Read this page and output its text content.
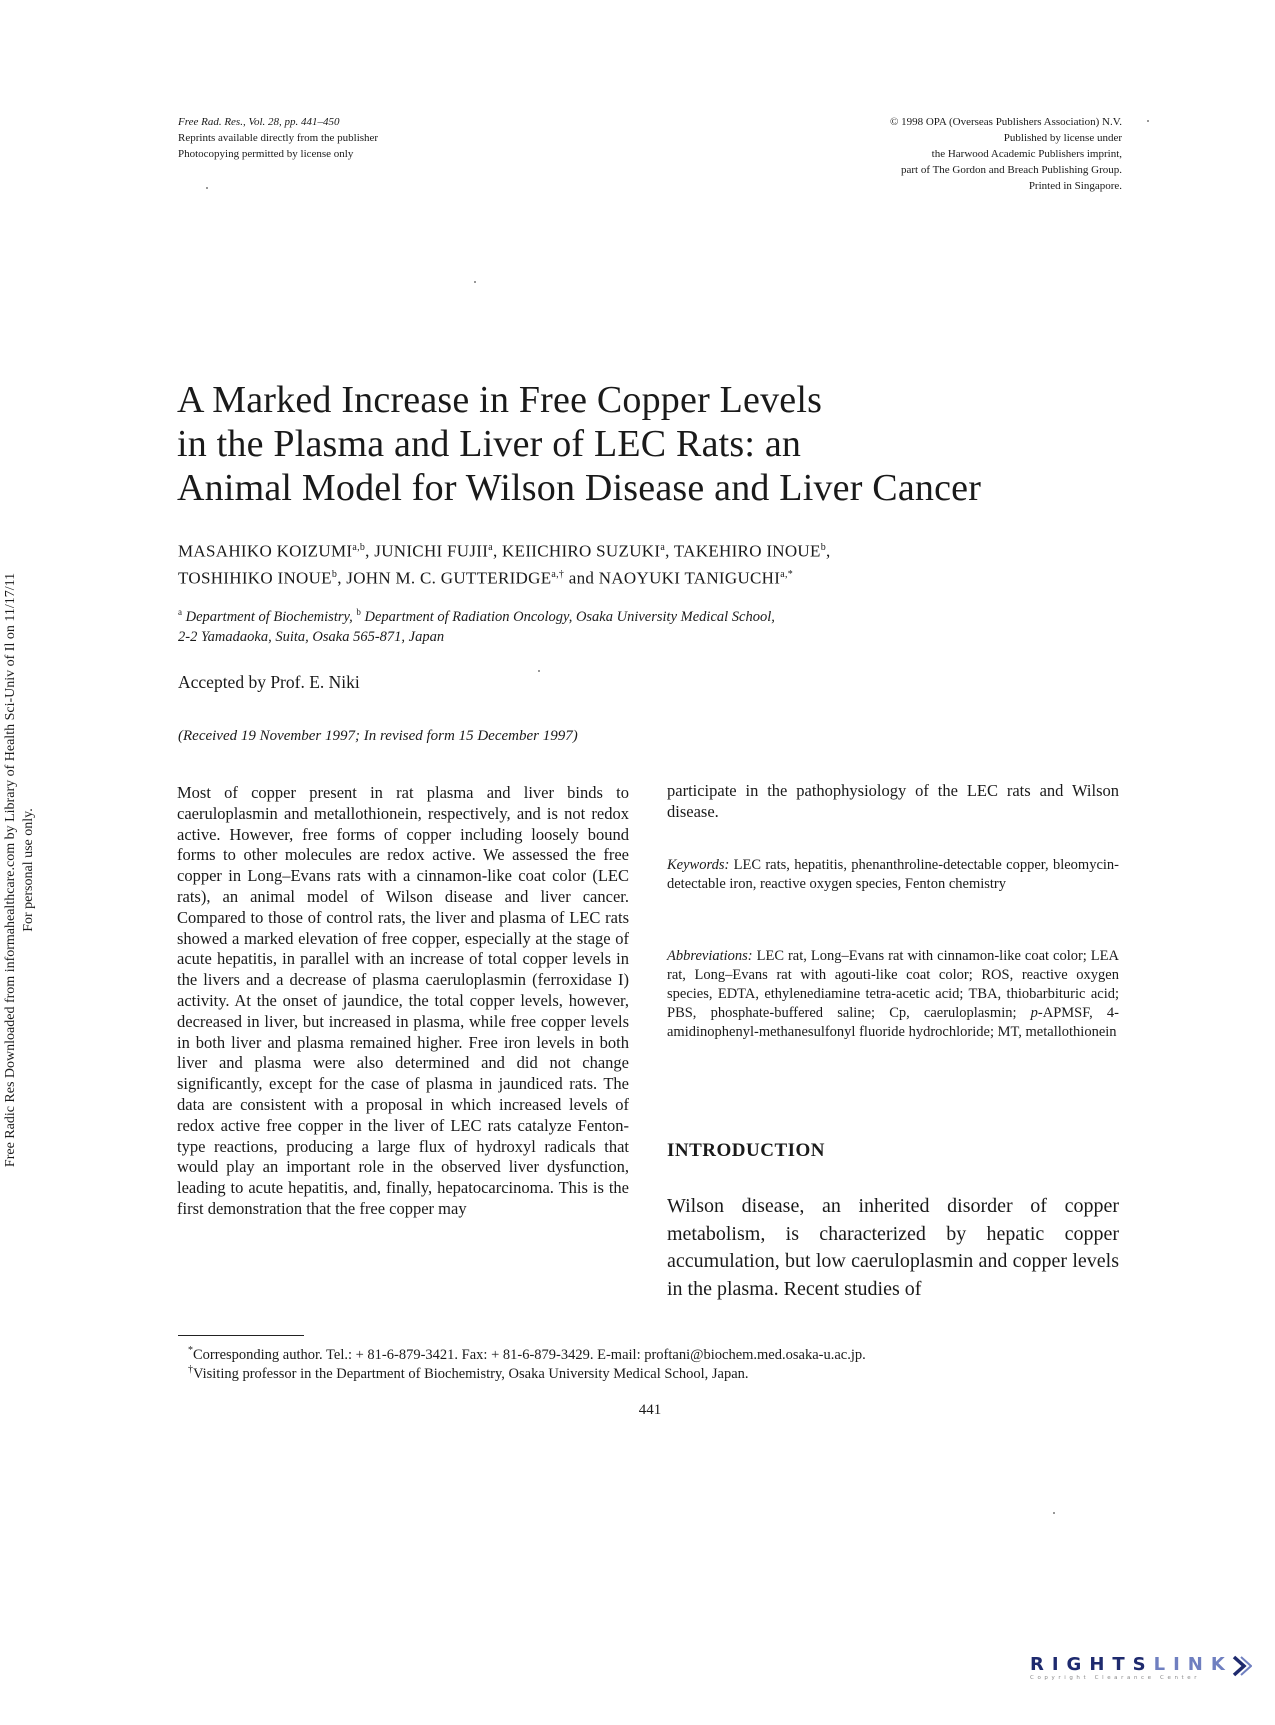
Free Rad. Res., Vol. 28, pp. 441–450
Reprints available directly from the publisher
Photocopying permitted by license only
© 1998 OPA (Overseas Publishers Association) N.V.
Published by license under
the Harwood Academic Publishers imprint,
part of The Gordon and Breach Publishing Group.
Printed in Singapore.
A Marked Increase in Free Copper Levels
in the Plasma and Liver of LEC Rats: an
Animal Model for Wilson Disease and Liver Cancer
MASAHIKO KOIZUMI$^{a,b}$, JUNICHI FUJII$^a$, KEIICHIRO SUZUKI$^a$, TAKEHIRO INOUE$^b$,
TOSHIHIKO INOUE$^b$, JOHN M. C. $GUTTERIDGE^{a,\dagger}$ and NAOYUKI $TANIGUCHI^{a,*}$
$^a$ Department of Biochemistry, $^b$ Department of Radiation Oncology, Osaka University Medical School,
2-2 Yamadaoka, Suita, Osaka 565-871, Japan
Accepted by Prof. E. Niki
(Received 19 November 1997; In revised form 15 December 1997)
Most of copper present in rat plasma and liver binds to caeruloplasmin and metallothionein, respectively, and is not redox active. However, free forms of copper including loosely bound forms to other molecules are redox active. We assessed the free copper in Long–Evans rats with a cinnamon-like coat color (LEC rats), an animal model of Wilson disease and liver cancer. Compared to those of control rats, the liver and plasma of LEC rats showed a marked elevation of free copper, especially at the stage of acute hepatitis, in parallel with an increase of total copper levels in the livers and a decrease of plasma caeruloplasmin (ferroxidase I) activity. At the onset of jaundice, the total copper levels, however, decreased in liver, but increased in plasma, while free copper levels in both liver and plasma remained higher. Free iron levels in both liver and plasma were also determined and did not change significantly, except for the case of plasma in jaundiced rats. The data are consistent with a proposal in which increased levels of redox active free copper in the liver of LEC rats catalyze Fenton-type reactions, producing a large flux of hydroxyl radicals that would play an important role in the observed liver dysfunction, leading to acute hepatitis, and, finally, hepatocarcinoma. This is the first demonstration that the free copper may
participate in the pathophysiology of the LEC rats and Wilson disease.
Keywords: LEC rats, hepatitis, phenanthroline-detectable copper, bleomycin-detectable iron, reactive oxygen species, Fenton chemistry
Abbreviations: LEC rat, Long–Evans rat with cinnamon-like coat color; LEA rat, Long–Evans rat with agouti-like coat color; ROS, reactive oxygen species, EDTA, ethylenediamine tetra-acetic acid; TBA, thiobarbituric acid; PBS, phosphate-buffered saline; Cp, caeruloplasmin; p-APMSF, 4-amidinophenyl-methanesulfonyl fluoride hydrochloride; MT, metallothionein
INTRODUCTION
Wilson disease, an inherited disorder of copper metabolism, is characterized by hepatic copper accumulation, but low caeruloplasmin and copper levels in the plasma. Recent studies of
*Corresponding author. Tel.: + 81-6-879-3421. Fax: + 81-6-879-3429. E-mail: proftani@biochem.med.osaka-u.ac.jp.
†Visiting professor in the Department of Biochemistry, Osaka University Medical School, Japan.
441
Free Radic Res Downloaded from informahealthcare.com by Library of Health Sci-Univ of Il on 11/17/11 For personal use only.
RIGHTSLINK
Copyright Clearance Center
